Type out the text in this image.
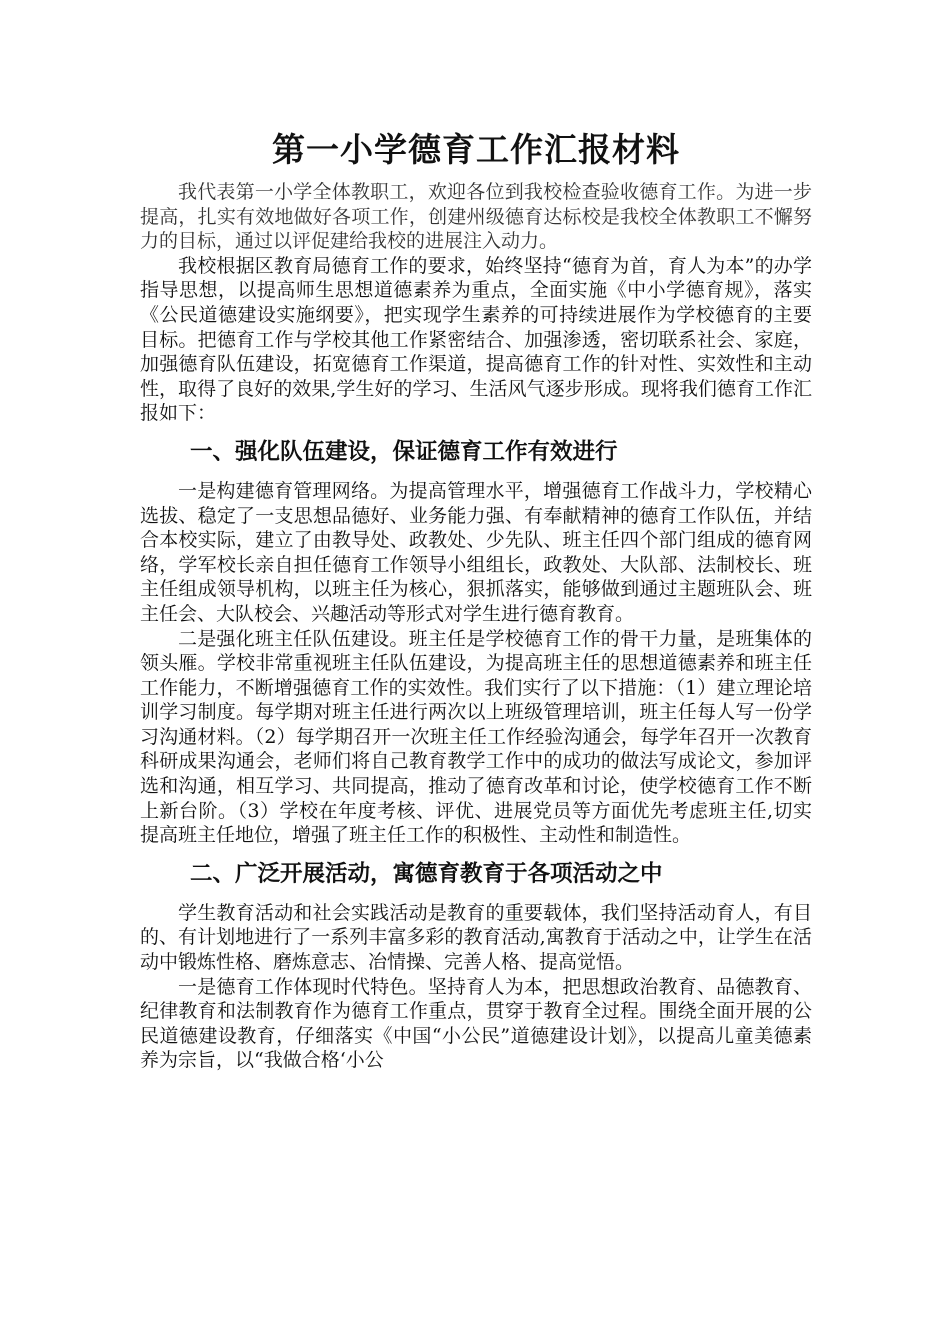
第一小学德育工作汇报材料

我代表第一小学全体教职工，欢迎各位到我校检查验收德育工作。为进一步提高，扎实有效地做好各项工作，创建州级德育达标校是我校全体教职工不懈努力的目标，通过以评促建给我校的进展注入动力。

我校根据区教育局德育工作的要求，始终坚持“德育为首，育人为本”的办学指导思想，以提高师生思想道德素养为重点，全面实施《中小学德育规》，落实《公民道德建设实施纲要》，把实现学生素养的可持续进展作为学校德育的主要目标。把德育工作与学校其他工作紧密结合、加强渗透，密切联系社会、家庭，加强德育队伍建设，拓宽德育工作渠道，提高德育工作的针对性、实效性和主动性，取得了良好的效果,学生好的学习、生活风气逐步形成。现将我们德育工作汇报如下：

一、强化队伍建设，保证德育工作有效进行

一是构建德育管理网络。为提高管理水平，增强德育工作战斗力，学校精心选拔、稳定了一支思想品德好、业务能力强、有奉献精神的德育工作队伍，并结合本校实际，建立了由教导处、政教处、少先队、班主任四个部门组成的德育网络，学军校长亲自担任德育工作领导小组组长，政教处、大队部、法制校长、班主任组成领导机构，以班主任为核心，狠抓落实，能够做到通过主题班队会、班主任会、大队校会、兴趣活动等形式对学生进行德育教育。

二是强化班主任队伍建设。班主任是学校德育工作的骨干力量，是班集体的领头雁。学校非常重视班主任队伍建设，为提高班主任的思想道德素养和班主任工作能力，不断增强德育工作的实效性。我们实行了以下措施：（1）建立理论培训学习制度。每学期对班主任进行两次以上班级管理培训，班主任每人写一份学习沟通材料。（2）每学期召开一次班主任工作经验沟通会，每学年召开一次教育科研成果沟通会，老师们将自己教育教学工作中的成功的做法写成论文，参加评选和沟通，相互学习、共同提高，推动了德育改革和讨论，使学校德育工作不断上新台阶。（3）学校在年度考核、评优、进展党员等方面优先考虑班主任,切实提高班主任地位，增强了班主任工作的积极性、主动性和制造性。

二、广泛开展活动，寓德育教育于各项活动之中

学生教育活动和社会实践活动是教育的重要载体，我们坚持活动育人，有目的、有计划地进行了一系列丰富多彩的教育活动,寓教育于活动之中，让学生在活动中锻炼性格、磨炼意志、冶情操、完善人格、提高觉悟。

一是德育工作体现时代特色。坚持育人为本，把思想政治教育、品德教育、纪律教育和法制教育作为德育工作重点，贯穿于教育全过程。围绕全面开展的公民道德建设教育，仔细落实《中国“小公民”道德建设计划》，以提高儿童美德素养为宗旨，以“我做合格‘小公
